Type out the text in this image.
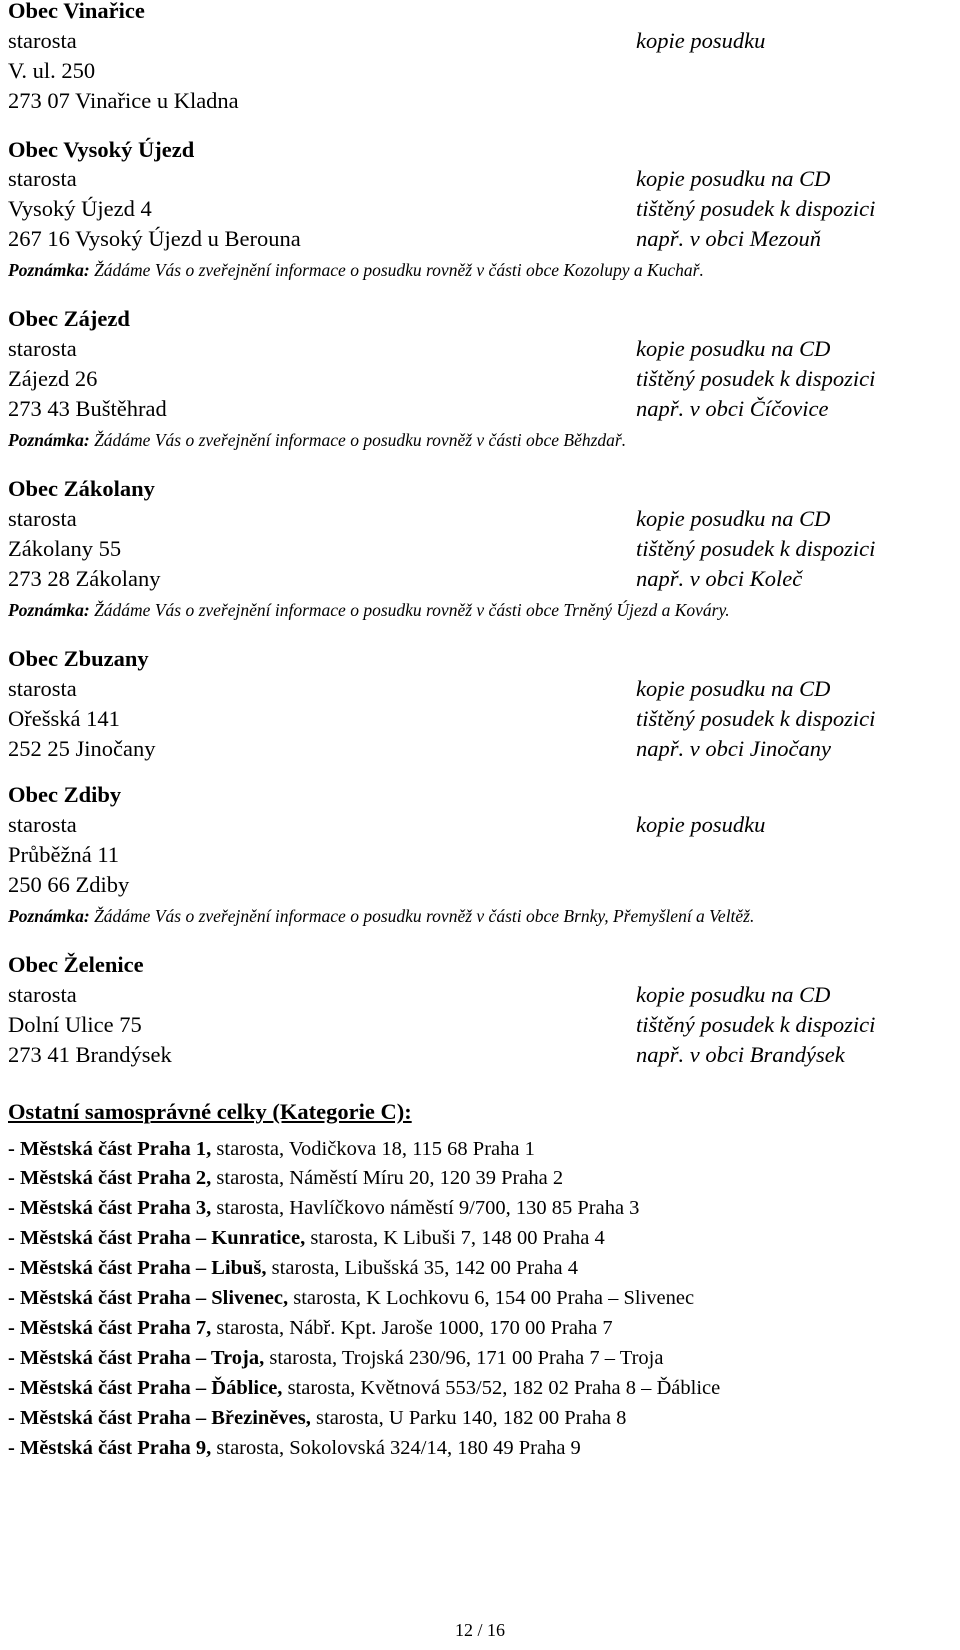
Obec Vinařice
starosta
V. ul. 250
273 07 Vinařice u Kladna
kopie posudku
Obec Vysoký Újezd
starosta
Vysoký Újezd 4
267 16 Vysoký Újezd u Berouna
kopie posudku na CD
tištěný posudek k dispozici
např. v obci Mezouň
Poznámka: Žádáme Vás o zveřejnění informace o posudku rovněž v části obce Kozolupy a Kuchař.
Obec Zájezd
starosta
Zájezd 26
273 43 Buštěhrad
kopie posudku na CD
tištěný posudek k dispozici
např. v obci Číčovice
Poznámka: Žádáme Vás o zveřejnění informace o posudku rovněž v části obce Běhzdař.
Obec Zákolany
starosta
Zákolany 55
273 28 Zákolany
kopie posudku na CD
tištěný posudek k dispozici
např. v obci Koleč
Poznámka: Žádáme Vás o zveřejnění informace o posudku rovněž v části obce Trněný Újezd a Kováry.
Obec Zbuzany
starosta
Ořešská 141
252 25 Jinočany
kopie posudku na CD
tištěný posudek k dispozici
např. v obci Jinočany
Obec Zdiby
starosta
Průběžná 11
250 66 Zdiby
kopie posudku
Poznámka: Žádáme Vás o zveřejnění informace o posudku rovněž v části obce Brnky, Přemyšlení a Veltěž.
Obec Želenice
starosta
Dolní Ulice 75
273 41 Brandýsek
kopie posudku na CD
tištěný posudek k dispozici
např. v obci Brandýsek
Ostatní samosprávné celky (Kategorie C):
- Městská část Praha 1, starosta, Vodičkova 18, 115 68 Praha 1
- Městská část Praha 2, starosta, Náměstí Míru 20, 120 39 Praha 2
- Městská část Praha 3, starosta, Havlíčkovo náměstí 9/700, 130 85 Praha 3
- Městská část Praha – Kunratice, starosta, K Libuši 7, 148 00 Praha 4
- Městská část Praha – Libuš, starosta, Libušská 35, 142 00 Praha 4
- Městská část Praha – Slivenec, starosta, K Lochkovu 6, 154 00 Praha – Slivenec
- Městská část Praha 7, starosta, Nábř. Kpt. Jaroše 1000, 170 00 Praha 7
- Městská část Praha – Troja, starosta, Trojská 230/96, 171 00 Praha 7 – Troja
- Městská část Praha – Ďáblice, starosta, Květnová 553/52, 182 02 Praha 8 – Ďáblice
- Městská část Praha – Březiněves, starosta, U Parku 140, 182 00 Praha 8
- Městská část Praha 9, starosta, Sokolovská 324/14, 180 49 Praha 9
12 / 16
